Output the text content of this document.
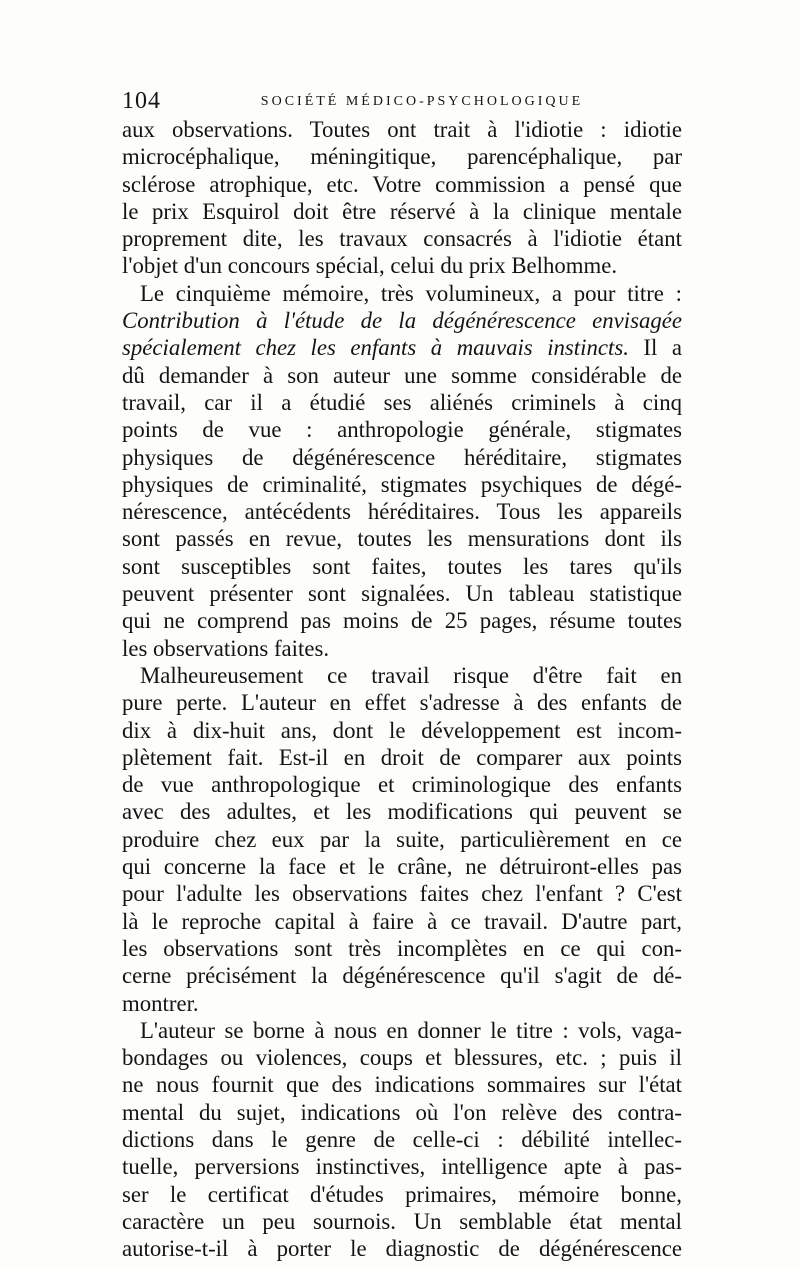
104	SOCIÉTÉ MÉDICO-PSYCHOLOGIQUE
aux observations. Toutes ont trait à l'idiotie : idiotie
microcéphalique, méningitique, parencéphalique, par
sclérose atrophique, etc. Votre commission a pensé que
le prix Esquirol doit être réservé à la clinique mentale
proprement dite, les travaux consacrés à l'idiotie étant
l'objet d'un concours spécial, celui du prix Belhomme.
Le cinquième mémoire, très volumineux, a pour titre :
Contribution à l'étude de la dégénérescence envisagée
spécialement chez les enfants à mauvais instincts. Il a
dû demander à son auteur une somme considérable de
travail, car il a étudié ses aliénés criminels à cinq
points de vue : anthropologie générale, stigmates
physiques de dégénérescence héréditaire, stigmates
physiques de criminalité, stigmates psychiques de dégé-
nérescence, antécédents héréditaires. Tous les appareils
sont passés en revue, toutes les mensurations dont ils
sont susceptibles sont faites, toutes les tares qu'ils
peuvent présenter sont signalées. Un tableau statistique
qui ne comprend pas moins de 25 pages, résume toutes
les observations faites.
Malheureusement ce travail risque d'être fait en
pure perte. L'auteur en effet s'adresse à des enfants de
dix à dix-huit ans, dont le développement est incom-
plètement fait. Est-il en droit de comparer aux points
de vue anthropologique et criminologique des enfants
avec des adultes, et les modifications qui peuvent se
produire chez eux par la suite, particulièrement en ce
qui concerne la face et le crâne, ne détruiront-elles pas
pour l'adulte les observations faites chez l'enfant ? C'est
là le reproche capital à faire à ce travail. D'autre part,
les observations sont très incomplètes en ce qui con-
cerne précisément la dégénérescence qu'il s'agit de dé-
montrer.
L'auteur se borne à nous en donner le titre : vols, vaga-
bondages ou violences, coups et blessures, etc. ; puis il
ne nous fournit que des indications sommaires sur l'état
mental du sujet, indications où l'on relève des contra-
dictions dans le genre de celle-ci : débilité intellec-
tuelle, perversions instinctives, intelligence apte à pas-
ser le certificat d'études primaires, mémoire bonne,
caractère un peu sournois. Un semblable état mental
autorise-t-il à porter le diagnostic de dégénérescence
